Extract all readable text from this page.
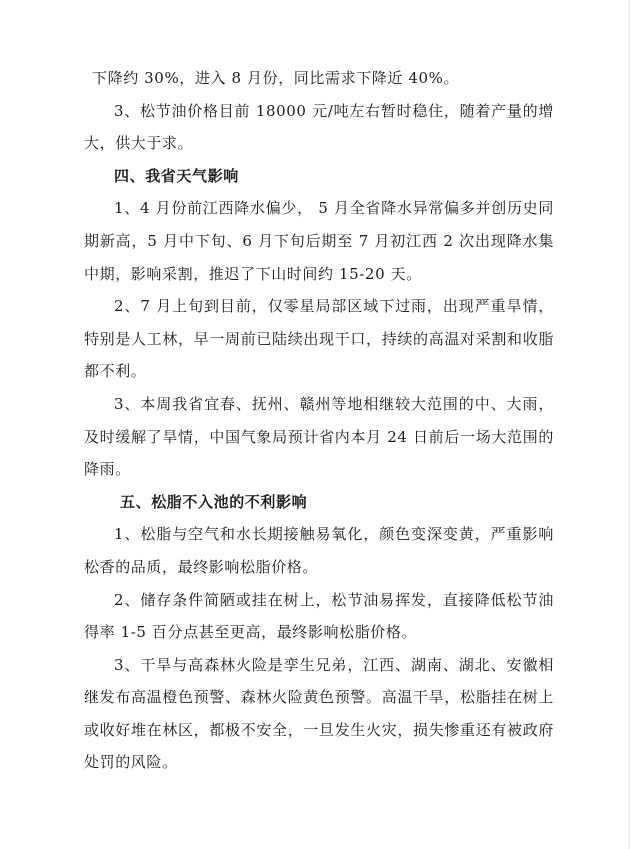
下降约 30%，进入 8 月份，同比需求下降近 40%。

3、松节油价格目前 18000 元/吨左右暂时稳住，随着产量的增大，供大于求。

四、我省天气影响

1、4 月份前江西降水偏少， 5 月全省降水异常偏多并创历史同期新高，5 月中下旬、6 月下旬后期至 7 月初江西 2 次出现降水集中期，影响采割，推迟了下山时间约 15-20 天。

2、7 月上旬到目前，仅零星局部区域下过雨，出现严重旱情，特别是人工林，早一周前已陆续出现干口，持续的高温对采割和收脂都不利。

3、本周我省宜春、抚州、赣州等地相继较大范围的中、大雨，及时缓解了旱情，中国气象局预计省内本月 24 日前后一场大范围的降雨。

五、松脂不入池的不利影响

1、松脂与空气和水长期接触易氧化，颜色变深变黄，严重影响松香的品质，最终影响松脂价格。

2、储存条件简陋或挂在树上，松节油易挥发，直接降低松节油得率 1-5 百分点甚至更高，最终影响松脂价格。

3、干旱与高森林火险是孪生兄弟，江西、湖南、湖北、安徽相继发布高温橙色预警、森林火险黄色预警。高温干旱，松脂挂在树上或收好堆在林区，都极不安全，一旦发生火灾，损失惨重还有被政府处罚的风险。
